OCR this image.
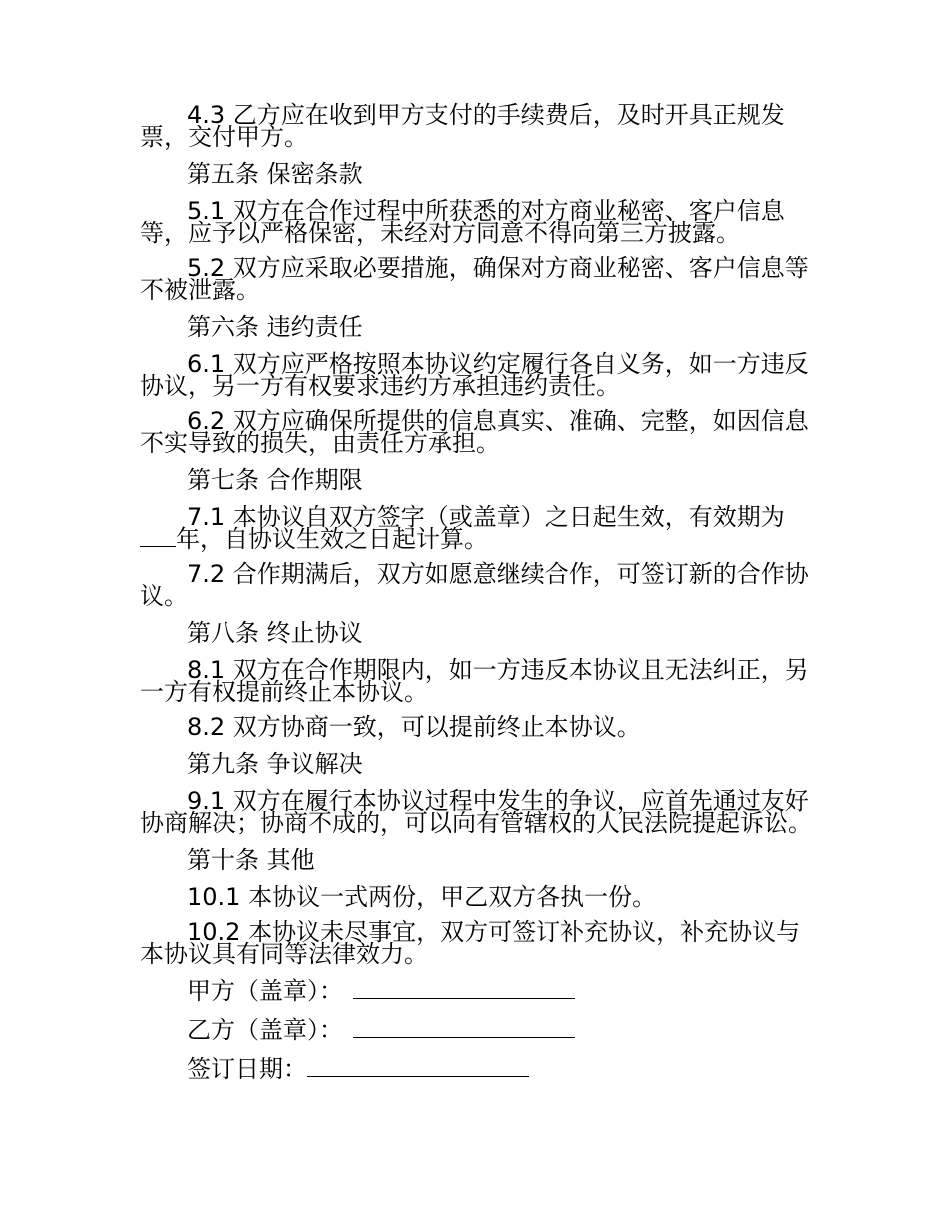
4.3 乙方应在收到甲方支付的手续费后，及时开具正规发票，交付甲方。

第五条 保密条款

5.1 双方在合作过程中所获悉的对方商业秘密、客户信息等，应予以严格保密，未经对方同意不得向第三方披露。

5.2 双方应采取必要措施，确保对方商业秘密、客户信息等不被泄露。

第六条 违约责任

6.1 双方应严格按照本协议约定履行各自义务，如一方违反协议，另一方有权要求违约方承担违约责任。

6.2 双方应确保所提供的信息真实、准确、完整，如因信息不实导致的损失，由责任方承担。

第七条 合作期限

7.1 本协议自双方签字（或盖章）之日起生效，有效期为年，自协议生效之日起计算。

7.2 合作期满后，双方如愿意继续合作，可签订新的合作协议。

第八条 终止协议

8.1 双方在合作期限内，如一方违反本协议且无法纠正，另一方有权提前终止本协议。

8.2 双方协商一致，可以提前终止本协议。

第九条 争议解决

9.1 双方在履行本协议过程中发生的争议，应首先通过友好协商解决；协商不成的，可以向有管辖权的人民法院提起诉讼。

第十条 其他

10.1 本协议一式两份，甲乙双方各执一份。

10.2 本协议未尽事宜，双方可签订补充协议，补充协议与本协议具有同等法律效力。

甲方（盖章）：
乙方（盖章）：
签订日期：
